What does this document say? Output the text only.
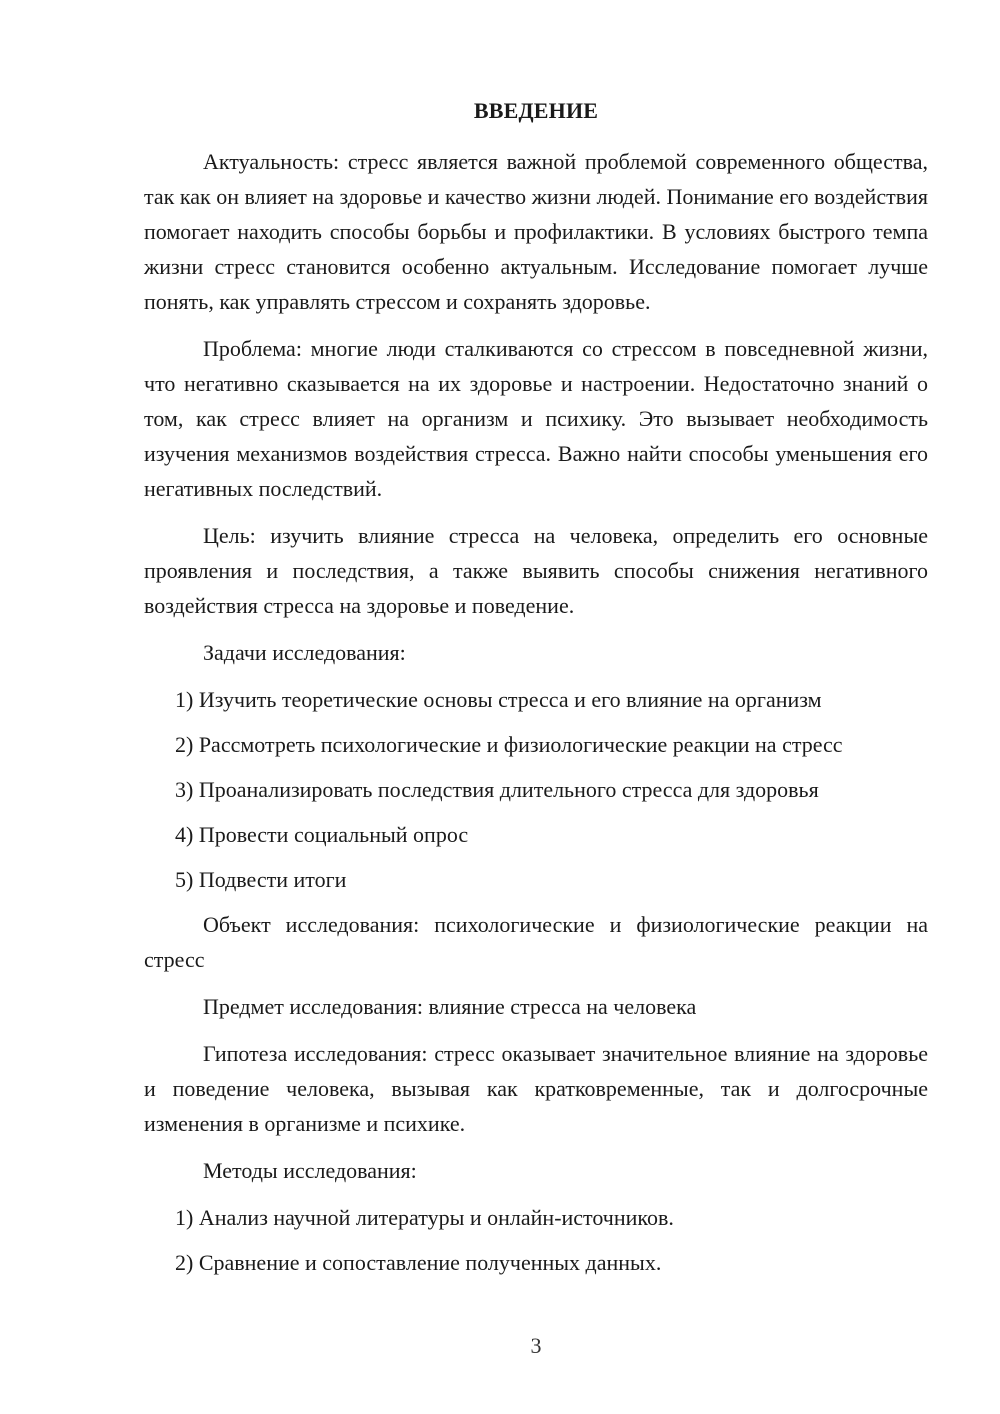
ВВЕДЕНИЕ

Актуальность: стресс является важной проблемой современного общества, так как он влияет на здоровье и качество жизни людей. Понимание его воздействия помогает находить способы борьбы и профилактики. В условиях быстрого темпа жизни стресс становится особенно актуальным. Исследование помогает лучше понять, как управлять стрессом и сохранять здоровье.

Проблема: многие люди сталкиваются со стрессом в повседневной жизни, что негативно сказывается на их здоровье и настроении. Недостаточно знаний о том, как стресс влияет на организм и психику. Это вызывает необходимость изучения механизмов воздействия стресса. Важно найти способы уменьшения его негативных последствий.

Цель: изучить влияние стресса на человека, определить его основные проявления и последствия, а также выявить способы снижения негативного воздействия стресса на здоровье и поведение.

Задачи исследования:

1) Изучить теоретические основы стресса и его влияние на организм

2) Рассмотреть психологические и физиологические реакции на стресс

3) Проанализировать последствия длительного стресса для здоровья

4) Провести социальный опрос

5) Подвести итоги

Объект исследования: психологические и физиологические реакции на стресс

Предмет исследования: влияние стресса на человека

Гипотеза исследования: стресс оказывает значительное влияние на здоровье и поведение человека, вызывая как кратковременные, так и долгосрочные изменения в организме и психике.

Методы исследования:

1) Анализ научной литературы и онлайн-источников.

2) Сравнение и сопоставление полученных данных.

3
